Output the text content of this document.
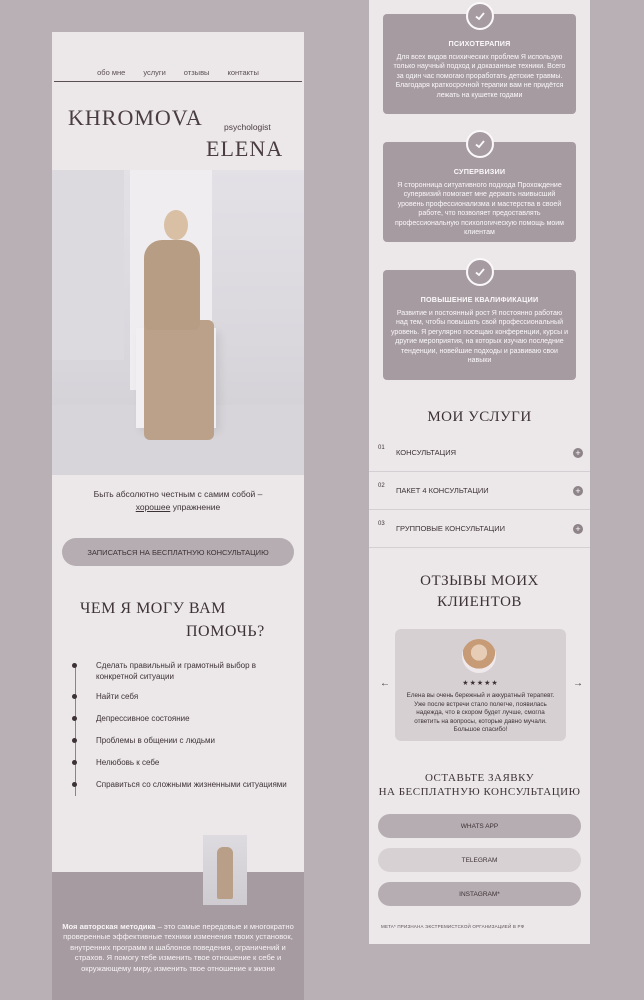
обо мне услуги отзывы контакты
KHROMOVA	psychologist
ELENA
Быть абсолютно честным с самим собой –
хорошее упражнение
ЗАПИСАТЬСЯ НА БЕСПЛАТНУЮ КОНСУЛЬТАЦИЮ
ЧЕМ Я МОГУ ВАМ
ПОМОЧЬ?
Сделать правильный и грамотный выбор в конкретной ситуации
Найти себя
Депрессивное состояние
Проблемы в общении с людьми
Нелюбовь к себе
Справиться со сложными жизненными ситуациями
Моя авторская методика – это самые передовые и многократно проверенные эффективные техники изменения твоих установок, внутренних программ и шаблонов поведения, ограничений и страхов. Я помогу тебе изменить твое отношение к себе и окружающему миру, изменить твое отношение к жизни
ПСИХОТЕРАПИЯ
Для всех видов психических проблем Я использую только научный подход и доказанные техники. Всего за один час помогаю проработать детские травмы. Благодаря краткосрочной терапии вам не придётся лежать на кушетке годами
СУПЕРВИЗИИ
Я сторонница ситуативного подхода Прохождение супервизий помогает мне держать наивысший уровень профессионализма и мастерства в своей работе, что позволяет предоставлять профессиональную психологическую помощь моим клиентам
ПОВЫШЕНИЕ КВАЛИФИКАЦИИ
Развитие и постоянный рост Я постоянно работаю над тем, чтобы повышать свой профессиональный уровень. Я регулярно посещаю конференции, курсы и другие мероприятия, на которых изучаю последние тенденции, новейшие подходы и развиваю свои навыки
МОИ УСЛУГИ
01 КОНСУЛЬТАЦИЯ	+
02 ПАКЕТ 4 КОНСУЛЬТАЦИИ	+
03 ГРУППОВЫЕ КОНСУЛЬТАЦИИ	+
ОТЗЫВЫ МОИХ
КЛИЕНТОВ
←	→
★★★★★
Елена вы очень бережный и аккуратный терапевт. Уже после встречи стало полегче, появилась надежда, что в скором будет лучше, смогла ответить на вопросы, которые давно мучали. Большое спасибо!
ОСТАВЬТЕ ЗАЯВКУ
НА БЕСПЛАТНУЮ КОНСУЛЬТАЦИЮ
WHATS APP
TELEGRAM
INSTAGRAM*
META* ПРИЗНАНА ЭКСТРЕМИСТСКОЙ ОРГАНИЗАЦИЕЙ В РФ
